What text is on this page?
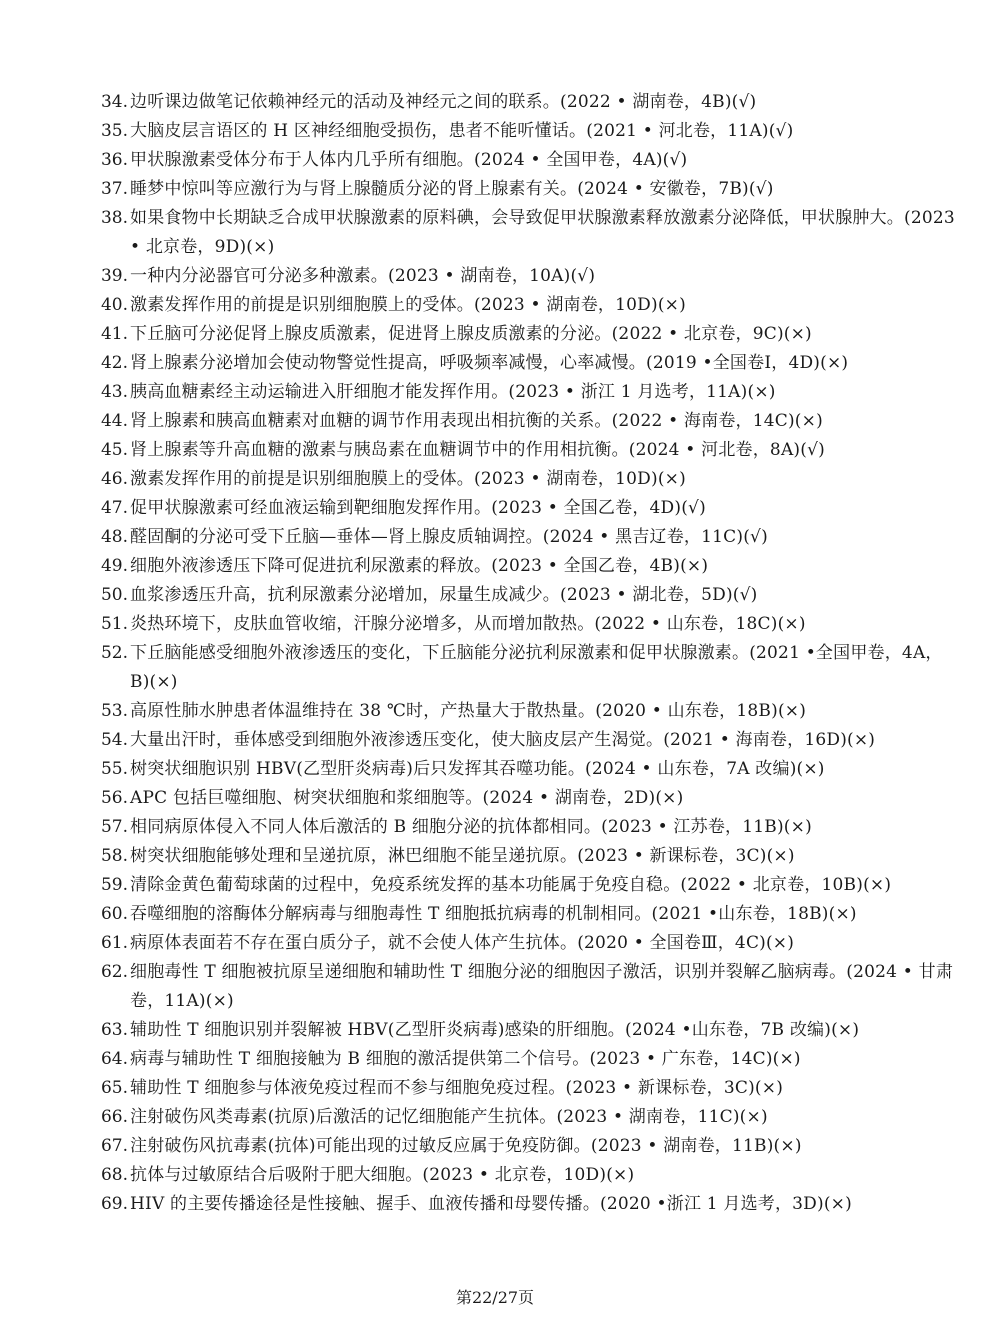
34. 边听课边做笔记依赖神经元的活动及神经元之间的联系。(2022 • 湖南卷，4B)(√)
35. 大脑皮层言语区的 H 区神经细胞受损伤，患者不能听懂话。(2021 • 河北卷，11A)(√)
36. 甲状腺激素受体分布于人体内几乎所有细胞。(2024 • 全国甲卷，4A)(√)
37. 睡梦中惊叫等应激行为与肾上腺髓质分泌的肾上腺素有关。(2024 • 安徽卷，7B)(√)
38. 如果食物中长期缺乏合成甲状腺激素的原料碘，会导致促甲状腺激素释放激素分泌降低，甲状腺肿大。(2023 • 北京卷，9D)(×)
39. 一种内分泌器官可分泌多种激素。(2023 • 湖南卷，10A)(√)
40. 激素发挥作用的前提是识别细胞膜上的受体。(2023 • 湖南卷，10D)(×)
41. 下丘脑可分泌促肾上腺皮质激素，促进肾上腺皮质激素的分泌。(2022 • 北京卷，9C)(×)
42. 肾上腺素分泌增加会使动物警觉性提高，呼吸频率减慢，心率减慢。(2019 •全国卷Ⅰ，4D)(×)
43. 胰高血糖素经主动运输进入肝细胞才能发挥作用。(2023 • 浙江 1 月选考，11A)(×)
44. 肾上腺素和胰高血糖素对血糖的调节作用表现出相抗衡的关系。(2022 • 海南卷，14C)(×)
45. 肾上腺素等升高血糖的激素与胰岛素在血糖调节中的作用相抗衡。(2024 • 河北卷，8A)(√)
46. 激素发挥作用的前提是识别细胞膜上的受体。(2023 • 湖南卷，10D)(×)
47. 促甲状腺激素可经血液运输到靶细胞发挥作用。(2023 • 全国乙卷，4D)(√)
48. 醛固酮的分泌可受下丘脑—垂体—肾上腺皮质轴调控。(2024 • 黑吉辽卷，11C)(√)
49. 细胞外液渗透压下降可促进抗利尿激素的释放。(2023 • 全国乙卷，4B)(×)
50. 血浆渗透压升高，抗利尿激素分泌增加，尿量生成减少。(2023 • 湖北卷，5D)(√)
51. 炎热环境下，皮肤血管收缩，汗腺分泌增多，从而增加散热。(2022 • 山东卷，18C)(×)
52. 下丘脑能感受细胞外液渗透压的变化，下丘脑能分泌抗利尿激素和促甲状腺激素。(2021 •全国甲卷，4A，B)(×)
53. 高原性肺水肿患者体温维持在 38 ℃时，产热量大于散热量。(2020 • 山东卷，18B)(×)
54. 大量出汗时，垂体感受到细胞外液渗透压变化，使大脑皮层产生渴觉。(2021 • 海南卷，16D)(×)
55. 树突状细胞识别 HBV(乙型肝炎病毒)后只发挥其吞噬功能。(2024 • 山东卷，7A 改编)(×)
56. APC 包括巨噬细胞、树突状细胞和浆细胞等。(2024 • 湖南卷，2D)(×)
57. 相同病原体侵入不同人体后激活的 B 细胞分泌的抗体都相同。(2023 • 江苏卷，11B)(×)
58. 树突状细胞能够处理和呈递抗原，淋巴细胞不能呈递抗原。(2023 • 新课标卷，3C)(×)
59. 清除金黄色葡萄球菌的过程中，免疫系统发挥的基本功能属于免疫自稳。(2022 • 北京卷，10B)(×)
60. 吞噬细胞的溶酶体分解病毒与细胞毒性 T 细胞抵抗病毒的机制相同。(2021 •山东卷，18B)(×)
61. 病原体表面若不存在蛋白质分子，就不会使人体产生抗体。(2020 • 全国卷Ⅲ，4C)(×)
62. 细胞毒性 T 细胞被抗原呈递细胞和辅助性 T 细胞分泌的细胞因子激活，识别并裂解乙脑病毒。(2024 • 甘肃卷，11A)(×)
63. 辅助性 T 细胞识别并裂解被 HBV(乙型肝炎病毒)感染的肝细胞。(2024 •山东卷，7B 改编)(×)
64. 病毒与辅助性 T 细胞接触为 B 细胞的激活提供第二个信号。(2023 • 广东卷，14C)(×)
65. 辅助性 T 细胞参与体液免疫过程而不参与细胞免疫过程。(2023 • 新课标卷，3C)(×)
66. 注射破伤风类毒素(抗原)后激活的记忆细胞能产生抗体。(2023 • 湖南卷，11C)(×)
67. 注射破伤风抗毒素(抗体)可能出现的过敏反应属于免疫防御。(2023 • 湖南卷，11B)(×)
68. 抗体与过敏原结合后吸附于肥大细胞。(2023 • 北京卷，10D)(×)
69. HIV 的主要传播途径是性接触、握手、血液传播和母婴传播。(2020 •浙江 1 月选考，3D)(×)
第22/27页
